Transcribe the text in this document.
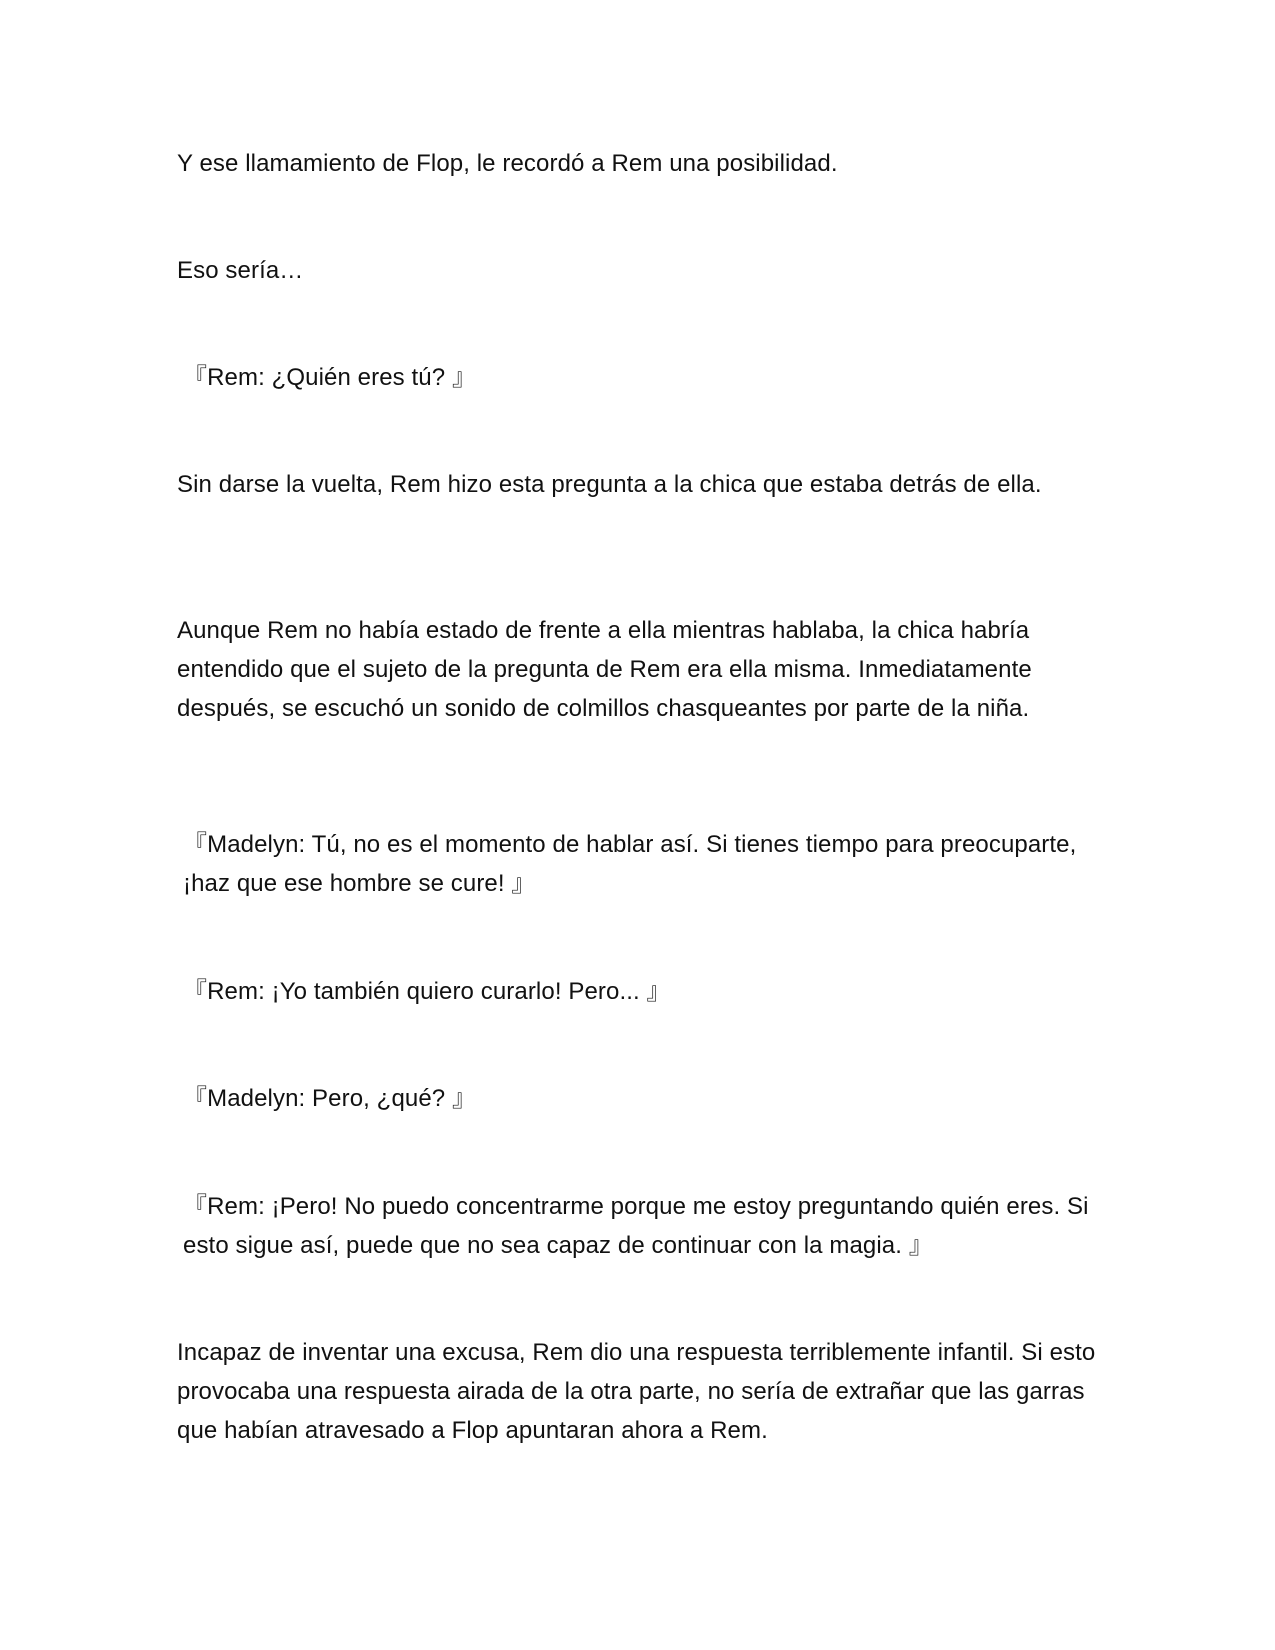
Y ese llamamiento de Flop, le recordó a Rem una posibilidad.

Eso sería…

『Rem: ¿Quién eres tú? 』

Sin darse la vuelta, Rem hizo esta pregunta a la chica que estaba detrás de ella.

Aunque Rem no había estado de frente a ella mientras hablaba, la chica habría entendido que el sujeto de la pregunta de Rem era ella misma. Inmediatamente después, se escuchó un sonido de colmillos chasqueantes por parte de la niña.

『Madelyn: Tú, no es el momento de hablar así. Si tienes tiempo para preocuparte, ¡haz que ese hombre se cure! 』

『Rem: ¡Yo también quiero curarlo! Pero... 』

『Madelyn: Pero, ¿qué? 』

『Rem: ¡Pero! No puedo concentrarme porque me estoy preguntando quién eres. Si esto sigue así, puede que no sea capaz de continuar con la magia. 』

Incapaz de inventar una excusa, Rem dio una respuesta terriblemente infantil. Si esto provocaba una respuesta airada de la otra parte, no sería de extrañar que las garras que habían atravesado a Flop apuntaran ahora a Rem.
